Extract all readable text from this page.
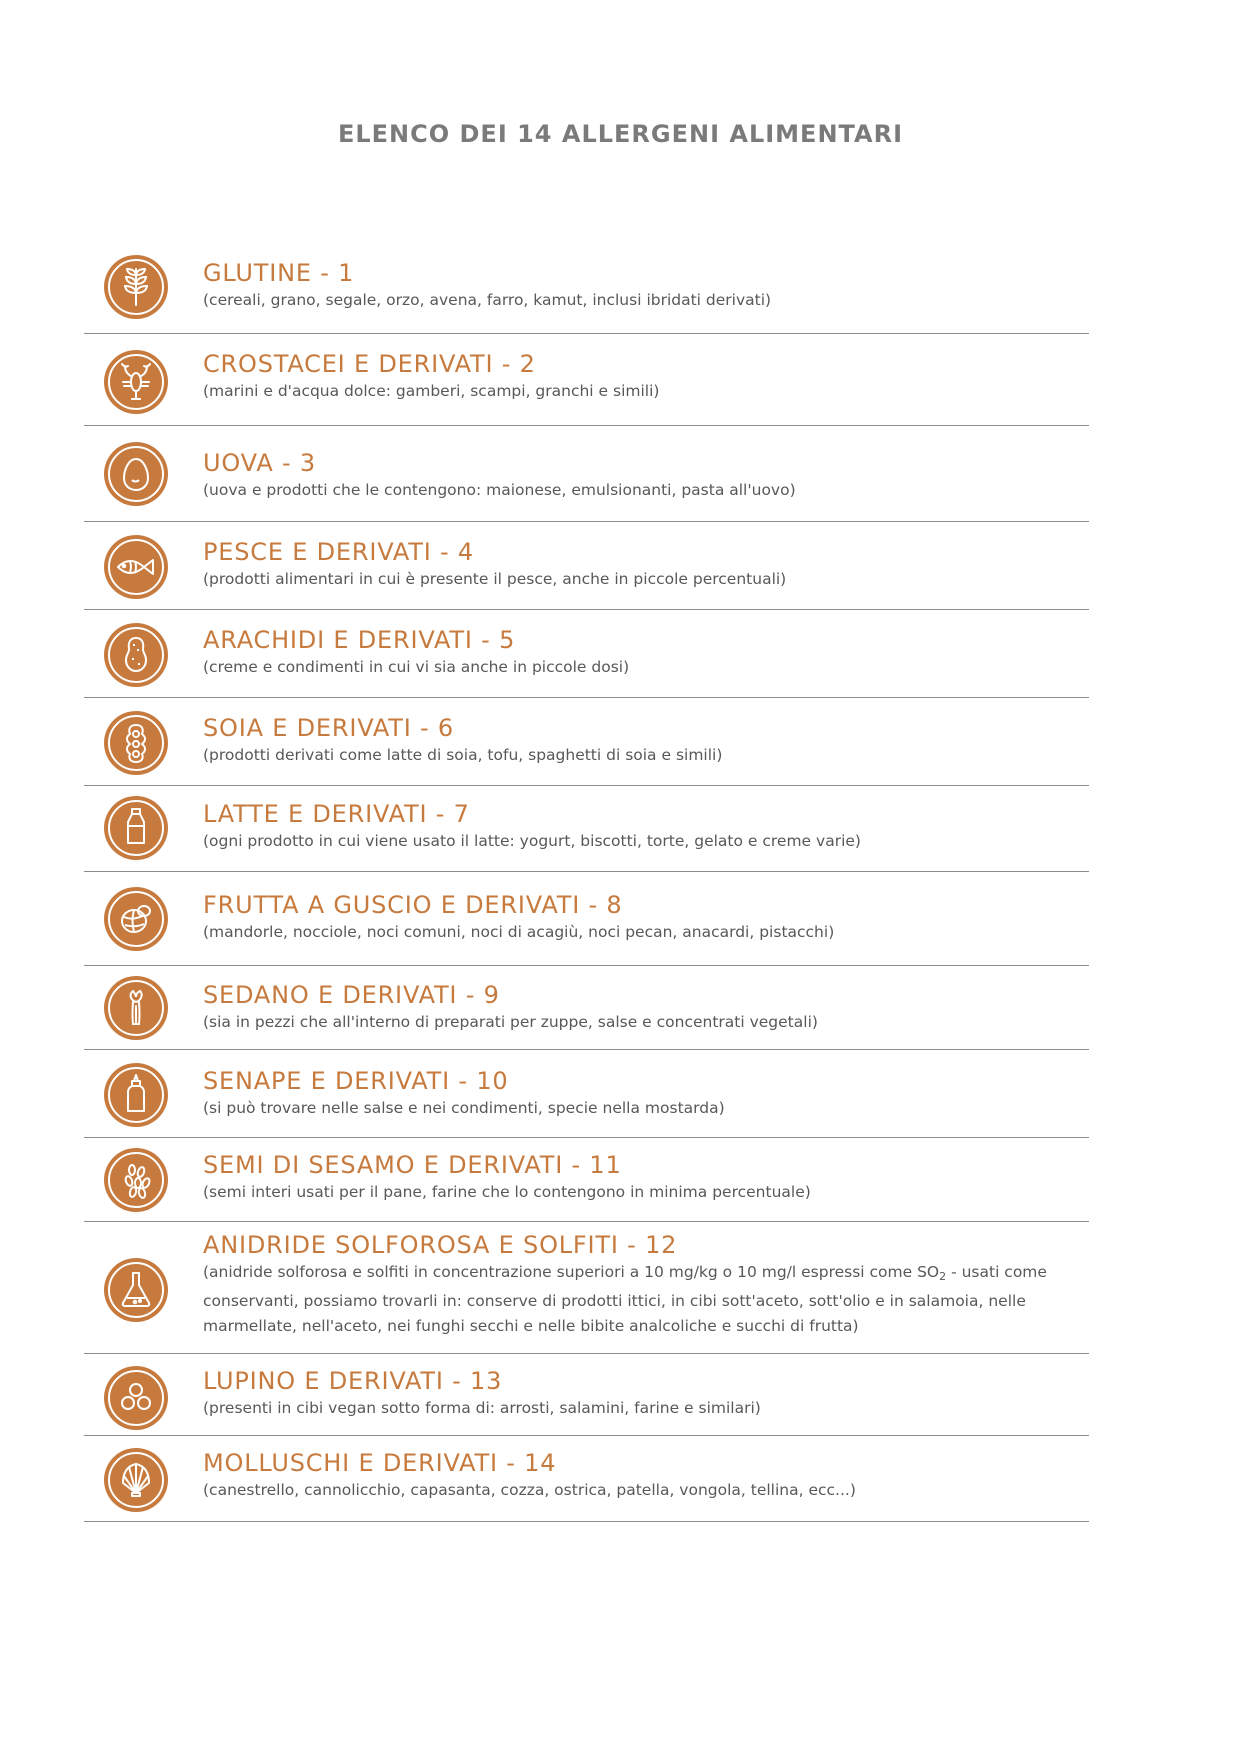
ELENCO DEI 14 ALLERGENI ALIMENTARI
GLUTINE - 1
(cereali, grano, segale, orzo, avena, farro, kamut, inclusi ibridati derivati)
CROSTACEI E DERIVATI - 2
(marini e d'acqua dolce: gamberi, scampi, granchi e simili)
UOVA - 3
(uova e prodotti che le contengono: maionese, emulsionanti, pasta all'uovo)
PESCE E DERIVATI - 4
(prodotti alimentari in cui è presente il pesce, anche in piccole percentuali)
ARACHIDI E DERIVATI - 5
(creme e condimenti in cui vi sia anche in piccole dosi)
SOIA E DERIVATI - 6
(prodotti derivati come latte di soia, tofu, spaghetti di soia e simili)
LATTE E DERIVATI - 7
(ogni prodotto in cui viene usato il latte: yogurt, biscotti, torte, gelato e creme varie)
FRUTTA A GUSCIO E DERIVATI - 8
(mandorle, nocciole, noci comuni, noci di acagiù, noci pecan, anacardi, pistacchi)
SEDANO E DERIVATI - 9
(sia in pezzi che all'interno di preparati per zuppe, salse e concentrati vegetali)
SENAPE E DERIVATI - 10
(si può trovare nelle salse e nei condimenti, specie nella mostarda)
SEMI DI SESAMO E DERIVATI - 11
(semi interi usati per il pane, farine che lo contengono in minima percentuale)
ANIDRIDE SOLFOROSA E SOLFITI - 12
(anidride solforosa e solfiti in concentrazione superiori a 10 mg/kg o 10 mg/l espressi come $SO_2$ - usati come conservanti, possiamo trovarli in: conserve di prodotti ittici, in cibi sott'aceto, sott'olio e in salamoia, nelle marmellate, nell'aceto, nei funghi secchi e nelle bibite analcoliche e succhi di frutta)
LUPINO E DERIVATI - 13
(presenti in cibi vegan sotto forma di: arrosti, salamini, farine e similari)
MOLLUSCHI E DERIVATI - 14
(canestrello, cannolicchio, capasanta, cozza, ostrica, patella, vongola, tellina, ecc...)
